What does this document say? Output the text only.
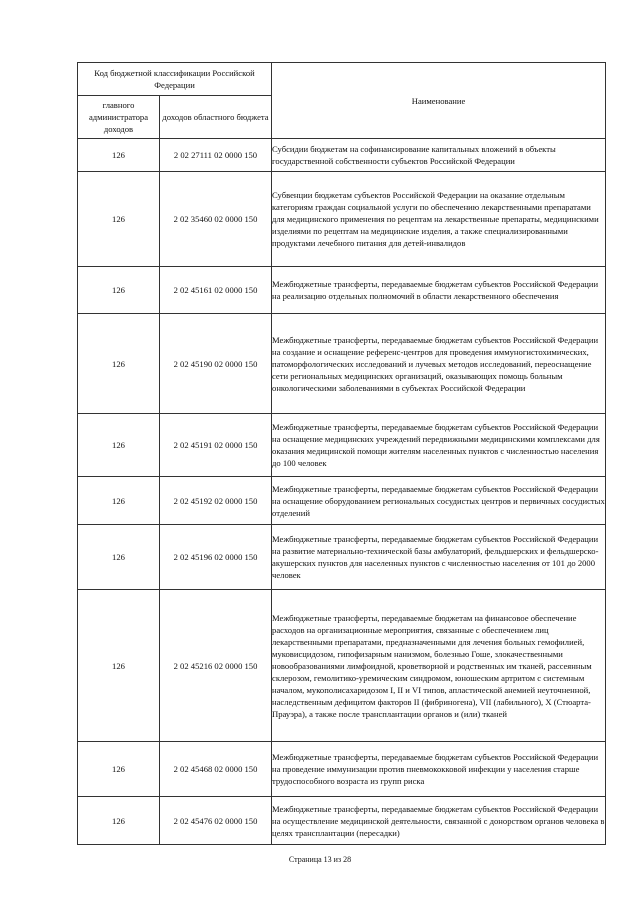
Код бюджетной классификации Российской Федерации		Наименование
главного администратора доходов	доходов областного бюджета	
126	2 02 27111 02 0000 150	Субсидии бюджетам на софинансирование капитальных вложений в объекты государственной собственности субъектов Российской Федерации
126	2 02 35460 02 0000 150	Субвенции бюджетам субъектов Российской Федерации на оказание отдельным категориям граждан социальной услуги по обеспечению лекарственными препаратами для медицинского применения по рецептам на лекарственные препараты, медицинскими изделиями по рецептам на медицинские изделия, а также специализированными продуктами лечебного питания для детей-инвалидов
126	2 02 45161 02 0000 150	Межбюджетные трансферты, передаваемые бюджетам субъектов Российской Федерации на реализацию отдельных полномочий в области лекарственного обеспечения
126	2 02 45190 02 0000 150	Межбюджетные трансферты, передаваемые бюджетам субъектов Российской Федерации на создание и оснащение референс-центров для проведения иммуногистохимических, патоморфологических исследований и лучевых методов исследований, переоснащение сети региональных медицинских организаций, оказывающих помощь больным онкологическими заболеваниями в субъектах Российской Федерации
126	2 02 45191 02 0000 150	Межбюджетные трансферты, передаваемые бюджетам субъектов Российской Федерации на оснащение медицинских учреждений передвижными медицинскими комплексами для оказания медицинской помощи жителям населенных пунктов с численностью населения до 100 человек
126	2 02 45192 02 0000 150	Межбюджетные трансферты, передаваемые бюджетам субъектов Российской Федерации на оснащение оборудованием региональных сосудистых центров и первичных сосудистых отделений
126	2 02 45196 02 0000 150	Межбюджетные трансферты, передаваемые бюджетам субъектов Российской Федерации на развитие материально-технической базы амбулаторий, фельдшерских и фельдшерско-акушерских пунктов для населенных пунктов с численностью населения от 101 до 2000 человек
126	2 02 45216 02 0000 150	Межбюджетные трансферты, передаваемые бюджетам на финансовое обеспечение расходов на организационные мероприятия, связанные с обеспечением лиц лекарственными препаратами, предназначенными для лечения больных гемофилией, муковисцидозом, гипофизарным нанизмом, болезнью Гоше, злокачественными новообразованиями лимфоидной, кроветворной и родственных им тканей, рассеянным склерозом, гемолитико-уремическим синдромом, юношеским артритом с системным началом, мукополисахаридозом I, II и VI типов, апластической анемией неуточненной, наследственным дефицитом факторов II (фибриногена), VII (лабильного), X (Стюарта-Прауэра), а также после трансплантации органов и (или) тканей
126	2 02 45468 02 0000 150	Межбюджетные трансферты, передаваемые бюджетам субъектов Российской Федерации на проведение иммунизации против пневмококковой инфекции у населения старше трудоспособного возраста из групп риска
126	2 02 45476 02 0000 150	Межбюджетные трансферты, передаваемые бюджетам субъектов Российской Федерации на осуществление медицинской деятельности, связанной с донорством органов человека в целях трансплантации (пересадки)
Страница 13 из 28
